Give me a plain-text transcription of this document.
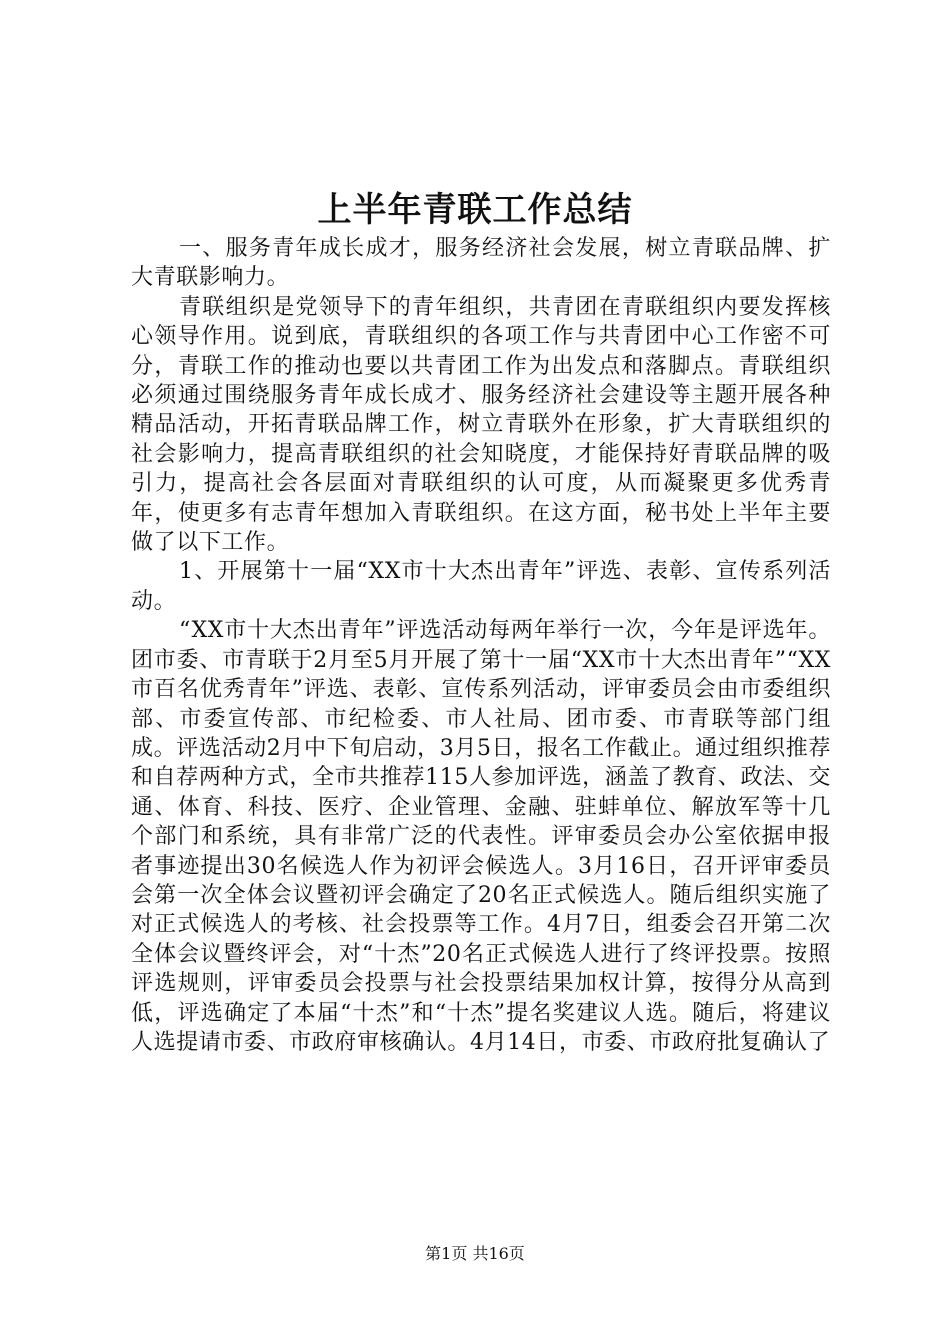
上半年青联工作总结

一、服务青年成长成才，服务经济社会发展，树立青联品牌、扩大青联影响力。

青联组织是党领导下的青年组织，共青团在青联组织内要发挥核心领导作用。说到底，青联组织的各项工作与共青团中心工作密不可分，青联工作的推动也要以共青团工作为出发点和落脚点。青联组织必须通过围绕服务青年成长成才、服务经济社会建设等主题开展各种精品活动，开拓青联品牌工作，树立青联外在形象，扩大青联组织的社会影响力，提高青联组织的社会知晓度，才能保持好青联品牌的吸引力，提高社会各层面对青联组织的认可度，从而凝聚更多优秀青年，使更多有志青年想加入青联组织。在这方面，秘书处上半年主要做了以下工作。

1、开展第十一届“XX市十大杰出青年”评选、表彰、宣传系列活动。

“XX市十大杰出青年”评选活动每两年举行一次，今年是评选年。团市委、市青联于2月至5月开展了第十一届“XX市十大杰出青年”“XX市百名优秀青年”评选、表彰、宣传系列活动，评审委员会由市委组织部、市委宣传部、市纪检委、市人社局、团市委、市青联等部门组成。评选活动2月中下旬启动，3月5日，报名工作截止。通过组织推荐和自荐两种方式，全市共推荐115人参加评选，涵盖了教育、政法、交通、体育、科技、医疗、企业管理、金融、驻蚌单位、解放军等十几个部门和系统，具有非常广泛的代表性。评审委员会办公室依据申报者事迹提出30名候选人作为初评会候选人。3月16日，召开评审委员会第一次全体会议暨初评会确定了20名正式候选人。随后组织实施了对正式候选人的考核、社会投票等工作。4月7日，组委会召开第二次全体会议暨终评会，对“十杰”20名正式候选人进行了终评投票。按照评选规则，评审委员会投票与社会投票结果加权计算，按得分从高到低，评选确定了本届“十杰”和“十杰”提名奖建议人选。随后，将建议人选提请市委、市政府审核确认。4月14日，市委、市政府批复确认了

第1页 共16页
